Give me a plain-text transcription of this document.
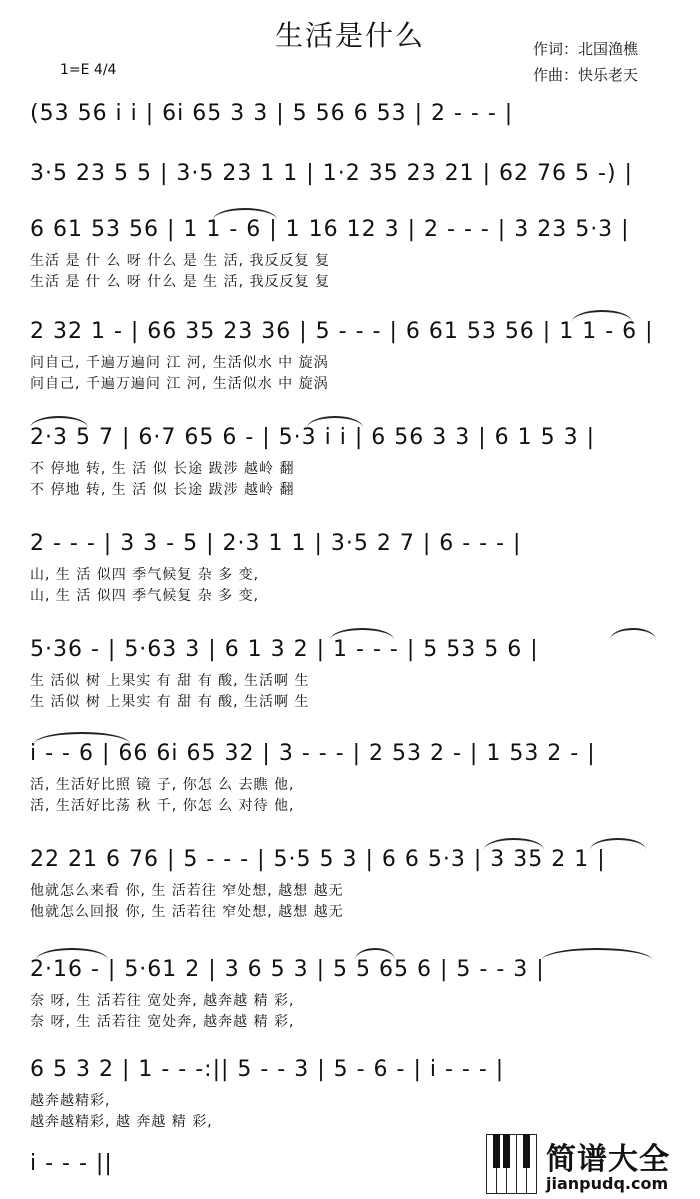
生活是什么
1=E 4/4
作词：北国渔樵
作曲：快乐老天
(53 56 i i | 6i 65 3 3 | 5 56 6 53 | 2 - - - |
3·5 23 5 5 | 3·5 23 1 1 | 1·2 35 23 21 | 62 76 5 -) |
6 61 53 56 | 1 1 - 6 | 1 16 12 3 | 2 - - - | 3 23 5·3 |
生活 是 什 么 呀 什么 是 生 活, 我反反复 复
生活 是 什 么 呀 什么 是 生 活, 我反反复 复
2 32 1 - | 66 35 23 36 | 5 - - - | 6 61 53 56 | 1 1 - 6 |
问自己, 千遍万遍问 江 河, 生活似水 中 旋涡
问自己, 千遍万遍问 江 河, 生活似水 中 旋涡
2·3 5 7 | 6·7 65 6 - | 5·3 i i | 6 56 3 3 | 6 1 5 3 |
不 停地 转, 生 活 似 长途 跋涉 越岭 翻
不 停地 转, 生 活 似 长途 跋涉 越岭 翻
2 - - - | 3 3 - 5 | 2·3 1 1 | 3·5 2 7 | 6 - - - |
山, 生 活 似四 季气候复 杂 多 变,
山, 生 活 似四 季气候复 杂 多 变,
5·36 - | 5·63 3 | 6 1 3 2 | 1 - - - | 5 53 5 6 |
生 活似 树 上果实 有 甜 有 酸, 生活啊 生
生 活似 树 上果实 有 甜 有 酸, 生活啊 生
i - - 6 | 66 6i 65 32 | 3 - - - | 2 53 2 - | 1 53 2 - |
活, 生活好比照 镜 子, 你怎 么 去瞧 他,
活, 生活好比荡 秋 千, 你怎 么 对待 他,
22 21 6 76 | 5 - - - | 5·5 5 3 | 6 6 5·3 | 3 35 2 1 |
他就怎么来看 你, 生 活若往 窄处想, 越想 越无
他就怎么回报 你, 生 活若往 窄处想, 越想 越无
2·16 - | 5·61 2 | 3 6 5 3 | 5 5 65 6 | 5 - - 3 |
奈 呀, 生 活若往 宽处奔, 越奔越 精 彩,
奈 呀, 生 活若往 宽处奔, 越奔越 精 彩,
6 5 3 2 | 1 - - -:|| 5 - - 3 | 5 - 6 - | i - - - |
越奔越精彩,
越奔越精彩, 越 奔越 精 彩,
i - - - ||	简谱大全
jianpudq.com
